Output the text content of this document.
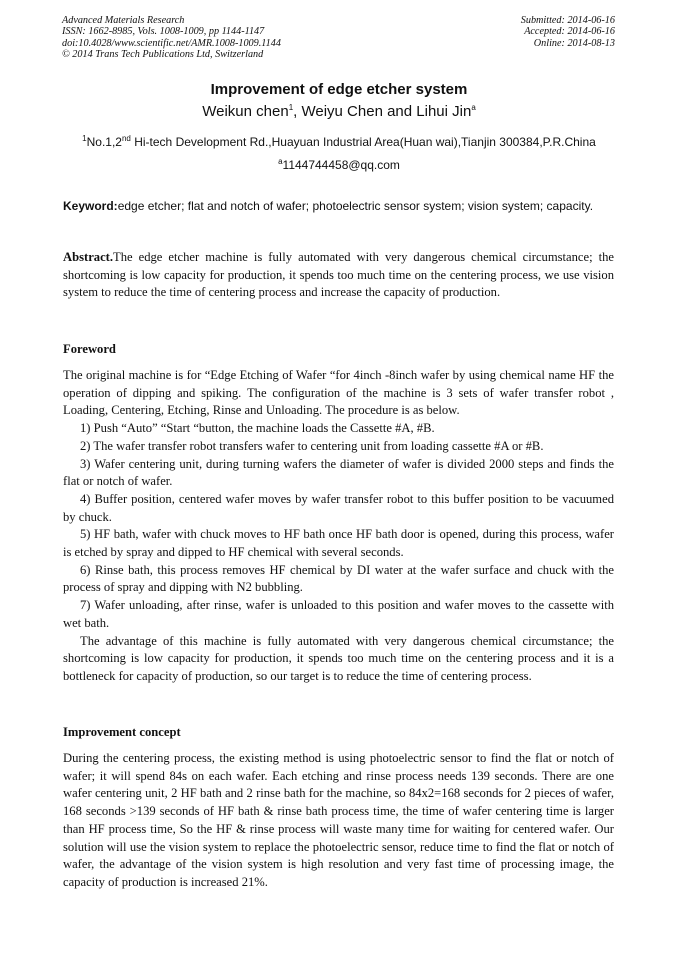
Advanced Materials Research
ISSN: 1662-8985, Vols. 1008-1009, pp 1144-1147
doi:10.4028/www.scientific.net/AMR.1008-1009.1144
© 2014 Trans Tech Publications Ltd, Switzerland
Submitted: 2014-06-16
Accepted: 2014-06-16
Online: 2014-08-13
Improvement of edge etcher system
Weikun chen$^1$, Weiyu Chen and Lihui Jin$^a$
$^1$No.1,2nd Hi-tech Development Rd.,Huayuan Industrial Area(Huan wai),Tianjin 300384,P.R.China
$^a$1144744458@qq.com
Keyword:edge etcher; flat and notch of wafer; photoelectric sensor system; vision system; capacity.

Abstract.The edge etcher machine is fully automated with very dangerous chemical circumstance; the shortcoming is low capacity for production, it spends too much time on the centering process, we use vision system to reduce the time of centering process and increase the capacity of production.

Foreword

The original machine is for “Edge Etching of Wafer “for 4inch -8inch wafer by using chemical name HF the operation of dipping and spiking. The configuration of the machine is 3 sets of wafer transfer robot , Loading, Centering, Etching, Rinse and Unloading. The procedure is as below.

1) Push “Auto” “Start “button, the machine loads the Cassette #A, #B.

2) The wafer transfer robot transfers wafer to centering unit from loading cassette #A or #B.

3) Wafer centering unit, during turning wafers the diameter of wafer is divided 2000 steps and finds the flat or notch of wafer.

4) Buffer position, centered wafer moves by wafer transfer robot to this buffer position to be vacuumed by chuck.

5) HF bath, wafer with chuck moves to HF bath once HF bath door is opened, during this process, wafer is etched by spray and dipped to HF chemical with several seconds.

6) Rinse bath, this process removes HF chemical by DI water at the wafer surface and chuck with the process of spray and dipping with N2 bubbling.

7) Wafer unloading, after rinse, wafer is unloaded to this position and wafer moves to the cassette with wet bath.

The advantage of this machine is fully automated with very dangerous chemical circumstance; the shortcoming is low capacity for production, it spends too much time on the centering process and it is a bottleneck for capacity of production, so our target is to reduce the time of centering process.

Improvement concept

During the centering process, the existing method is using photoelectric sensor to find the flat or notch of wafer; it will spend 84s on each wafer. Each etching and rinse process needs 139 seconds. There are one wafer centering unit, 2 HF bath and 2 rinse bath for the machine, so 84x2=168 seconds for 2 pieces of wafer, 168 seconds >139 seconds of HF bath & rinse bath process time, the time of wafer centering time is larger than HF process time, So the HF & rinse process will waste many time for waiting for centered wafer. Our solution will use the vision system to replace the photoelectric sensor, reduce time to find the flat or notch of wafer, the advantage of the vision system is high resolution and very fast time of processing image, the capacity of production is increased 21%.
